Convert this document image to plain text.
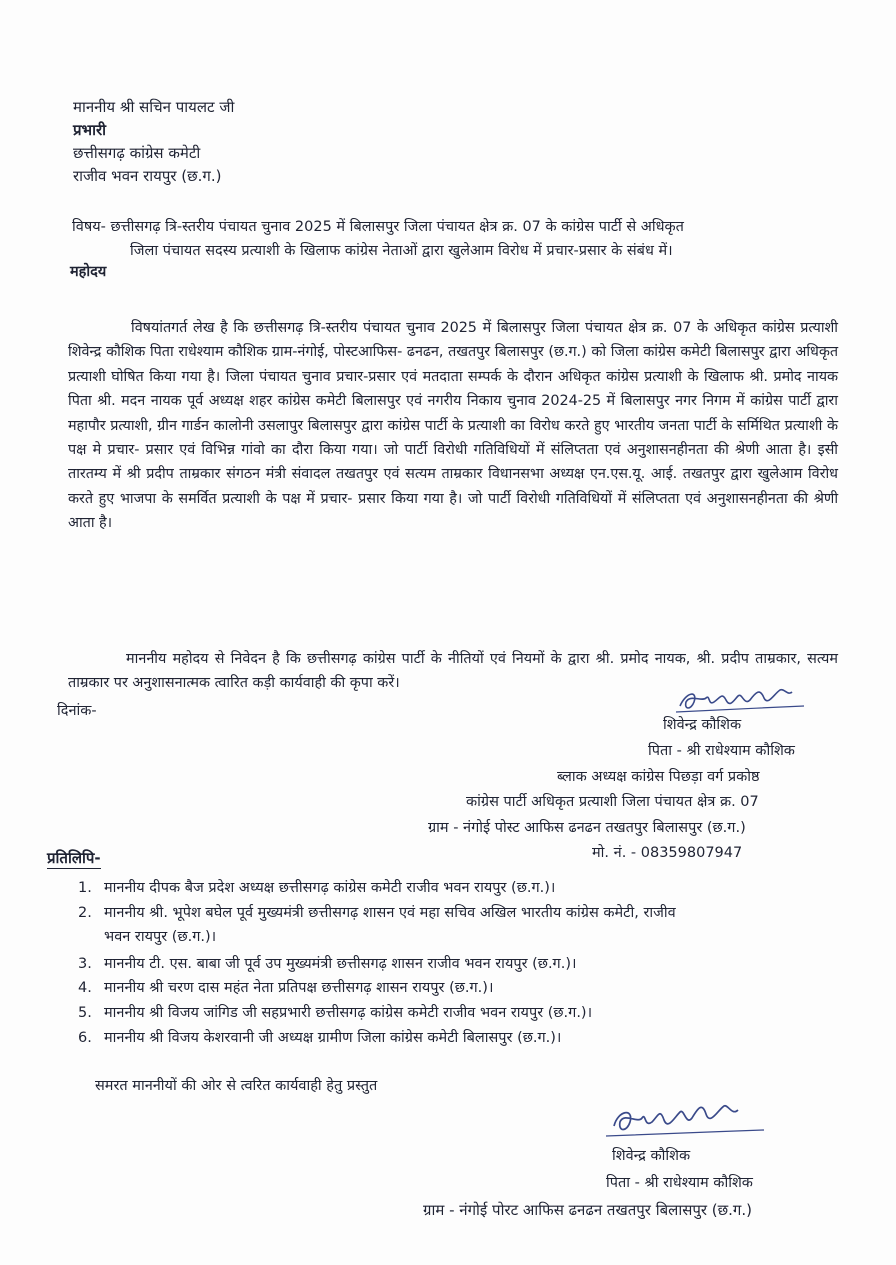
माननीय श्री सचिन पायलट जी
प्रभारी
छत्तीसगढ़ कांग्रेस कमेटी
राजीव भवन रायपुर (छ.ग.)
विषय- छत्तीसगढ़ त्रि-स्तरीय पंचायत चुनाव 2025 में बिलासपुर जिला पंचायत क्षेत्र क्र. 07 के कांग्रेस पार्टी से अधिकृत
जिला पंचायत सदस्य प्रत्याशी के खिलाफ कांग्रेस नेताओं द्वारा खुलेआम विरोध में प्रचार-प्रसार के संबंध में।
महोदय
विषयांतगर्त लेख है कि छत्तीसगढ़ त्रि-स्तरीय पंचायत चुनाव 2025 में बिलासपुर जिला पंचायत क्षेत्र क्र. 07 के अधिकृत कांग्रेस प्रत्याशी शिवेन्द्र कौशिक पिता राधेश्याम कौशिक ग्राम-नंगोई, पोस्टआफिस- ढनढन, तखतपुर बिलासपुर (छ.ग.) को जिला कांग्रेस कमेटी बिलासपुर द्वारा अधिकृत प्रत्याशी घोषित किया गया है। जिला पंचायत चुनाव प्रचार-प्रसार एवं मतदाता सम्पर्क के दौरान अधिकृत कांग्रेस प्रत्याशी के खिलाफ श्री. प्रमोद नायक पिता श्री. मदन नायक पूर्व अध्यक्ष शहर कांग्रेस कमेटी बिलासपुर एवं नगरीय निकाय चुनाव 2024-25 में बिलासपुर नगर निगम में कांग्रेस पार्टी द्वारा महापौर प्रत्याशी, ग्रीन गार्डन कालोनी उसलापुर बिलासपुर द्वारा कांग्रेस पार्टी के प्रत्याशी का विरोध करते हुए भारतीय जनता पार्टी के सर्मिथित प्रत्याशी के पक्ष मे प्रचार- प्रसार एवं विभिन्न गांवो का दौरा किया गया। जो पार्टी विरोधी गतिविधियों में संलिप्तता एवं अनुशासनहीनता की श्रेणी आता है। इसी तारतम्य में श्री प्रदीप ताम्रकार संगठन मंत्री संवादल तखतपुर एवं सत्यम ताम्रकार विधानसभा अध्यक्ष एन.एस.यू. आई. तखतपुर द्वारा खुलेआम विरोध करते हुए भाजपा के समर्वित प्रत्याशी के पक्ष में प्रचार- प्रसार किया गया है। जो पार्टी विरोधी गतिविधियों में संलिप्तता एवं अनुशासनहीनता की श्रेणी आता है।
माननीय महोदय से निवेदन है कि छत्तीसगढ़ कांग्रेस पार्टी के नीतियों एवं नियमों के द्वारा श्री. प्रमोद नायक, श्री. प्रदीप ताम्रकार, सत्यम ताम्रकार पर अनुशासनात्मक त्वारित कड़ी कार्यवाही की कृपा करें।
दिनांक-
शिवेन्द्र कौशिक
पिता - श्री राधेश्याम कौशिक
ब्लाक अध्यक्ष कांग्रेस पिछड़ा वर्ग प्रकोष्ठ
कांग्रेस पार्टी अधिकृत प्रत्याशी जिला पंचायत क्षेत्र क्र. 07
ग्राम - नंगोई पोस्ट आफिस ढनढन तखतपुर बिलासपुर (छ.ग.)
मो. नं. - 08359807947
प्रतिलिपि-
1. माननीय दीपक बैज प्रदेश अध्यक्ष छत्तीसगढ़ कांग्रेस कमेटी राजीव भवन रायपुर (छ.ग.)।
2. माननीय श्री. भूपेश बघेल पूर्व मुख्यमंत्री छत्तीसगढ़ शासन एवं महा सचिव अखिल भारतीय कांग्रेस कमेटी, राजीव
भवन रायपुर (छ.ग.)।
3. माननीय टी. एस. बाबा जी पूर्व उप मुख्यमंत्री छत्तीसगढ़ शासन राजीव भवन रायपुर (छ.ग.)।
4. माननीय श्री चरण दास महंत नेता प्रतिपक्ष छत्तीसगढ़ शासन रायपुर (छ.ग.)।
5. माननीय श्री विजय जांगिड जी सहप्रभारी छत्तीसगढ़ कांग्रेस कमेटी राजीव भवन रायपुर (छ.ग.)।
6. माननीय श्री विजय केशरवानी जी अध्यक्ष ग्रामीण जिला कांग्रेस कमेटी बिलासपुर (छ.ग.)।
समरत माननीयों की ओर से त्वरित कार्यवाही हेतु प्रस्तुत
शिवेन्द्र कौशिक
पिता - श्री राधेश्याम कौशिक
ग्राम - नंगोई पोरट आफिस ढनढन तखतपुर बिलासपुर (छ.ग.)
